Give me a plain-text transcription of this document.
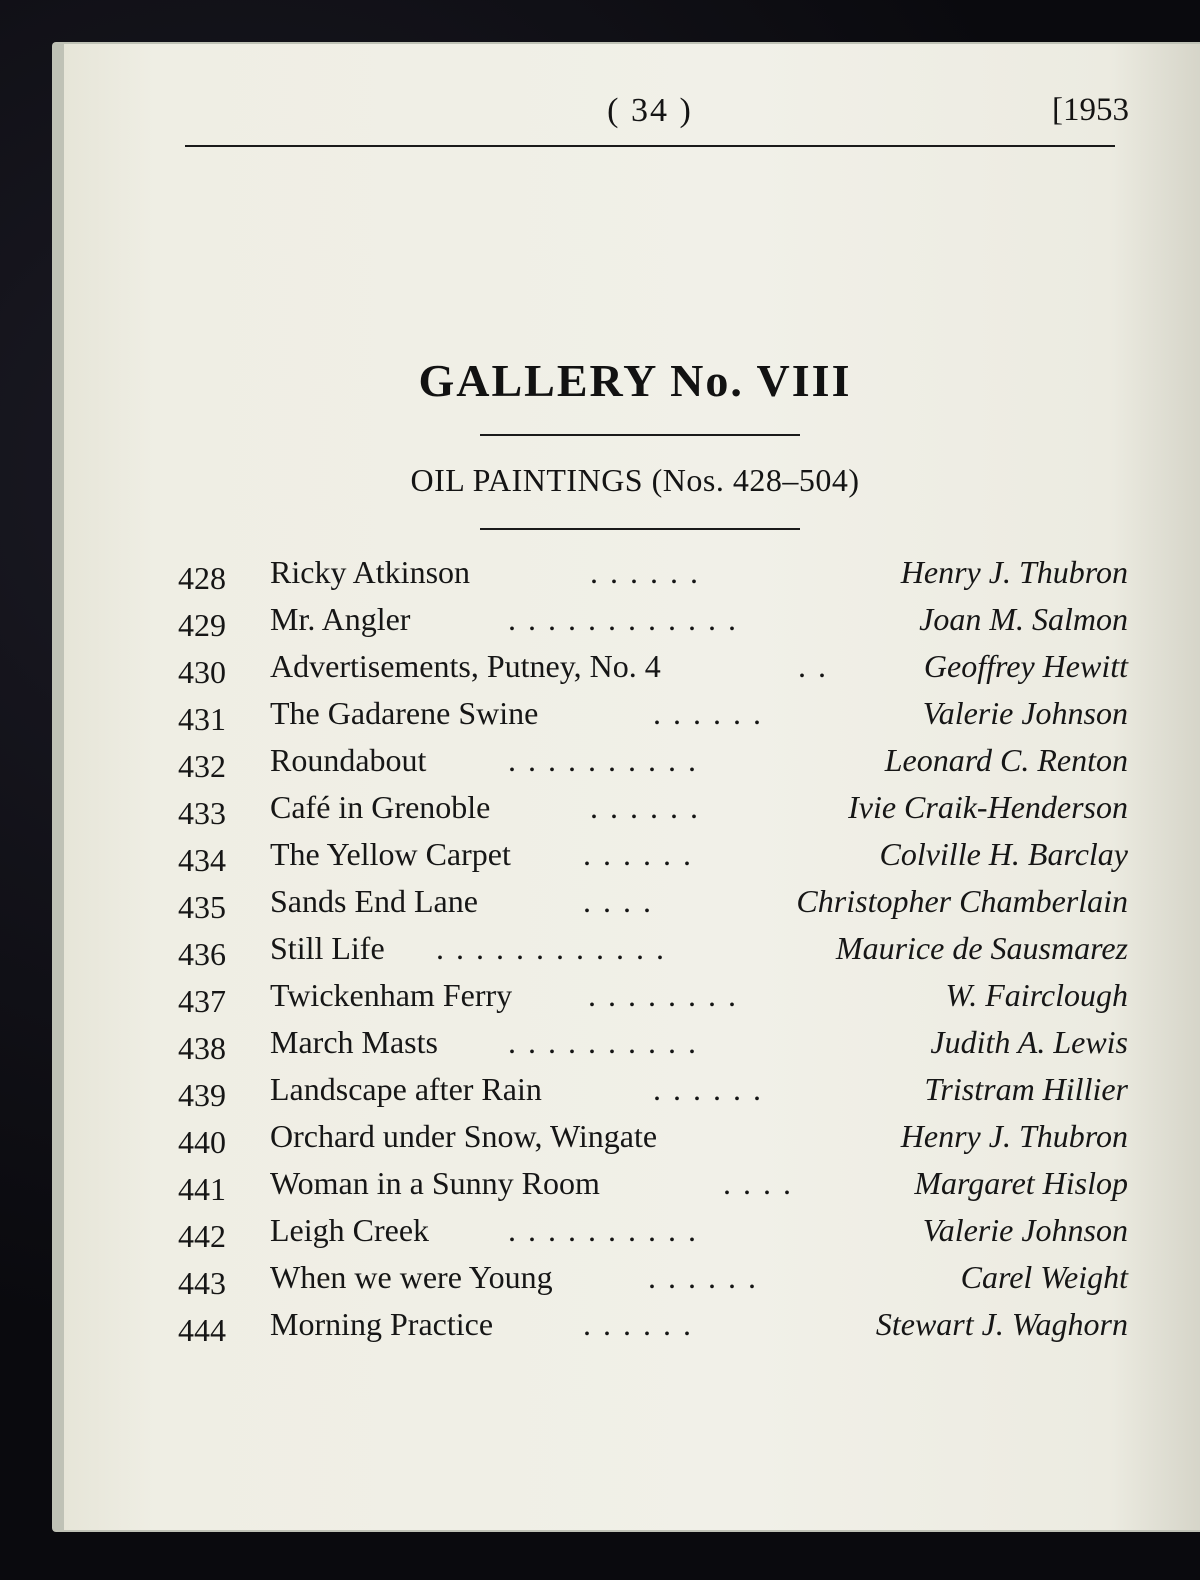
( 34 )	[1953
GALLERY No. VIII
OIL PAINTINGS (Nos. 428–504)
428	Ricky Atkinson	. . . . . .	Henry J. Thubron
429	Mr. Angler	. . . . . . . . . . . .	Joan M. Salmon
430	Advertisements, Putney, No. 4	. .	Geoffrey Hewitt
431	The Gadarene Swine	. . . . . .	Valerie Johnson
432	Roundabout	. . . . . . . . . .	Leonard C. Renton
433	Café in Grenoble	. . . . . .	Ivie Craik-Henderson
434	The Yellow Carpet . . . . . .	Colville H. Barclay
435	Sands End Lane	. . . .	Christopher Chamberlain
436	Still Life . . . . . . . . . . . .	Maurice de Sausmarez
437	Twickenham Ferry . . . . . . . .	W. Fairclough
438	March Masts . . . . . . . . . .	Judith A. Lewis
439	Landscape after Rain	. . . . . .	Tristram Hillier
440	Orchard under Snow, Wingate	Henry J. Thubron
441	Woman in a Sunny Room	. . . .	Margaret Hislop
442	Leigh Creek . . . . . . . . . .	Valerie Johnson
443	When we were Young	. . . . . .	Carel Weight
444	Morning Practice	. . . . . .	Stewart J. Waghorn
